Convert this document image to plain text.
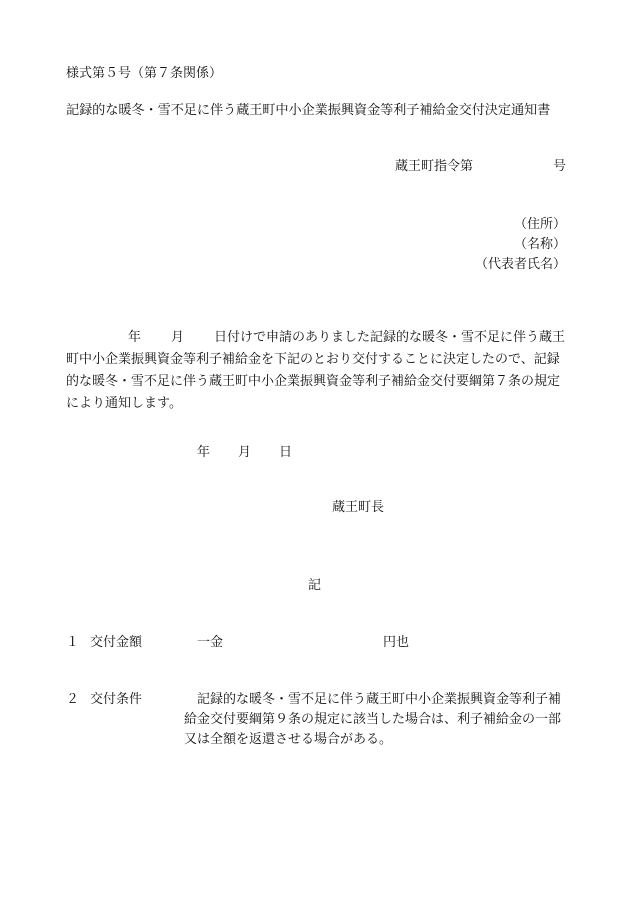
様式第５号（第７条関係）
記録的な暖冬・雪不足に伴う蔵王町中小企業振興資金等利子補給金交付決定通知書
蔵王町指令第	号
（住所）
（名称）
（代表者氏名）
年 月 日付けで申請のありました記録的な暖冬・雪不足に伴う蔵王
町中小企業振興資金等利子補給金を下記のとおり交付することに決定したので、記録
的な暖冬・雪不足に伴う蔵王町中小企業振興資金等利子補給金交付要綱第７条の規定
により通知します。
年 月 日
蔵王町長
記
１ 交付金額	一金	円也
２ 交付条件	記録的な暖冬・雪不足に伴う蔵王町中小企業振興資金等利子補
給金交付要綱第９条の規定に該当した場合は、利子補給金の一部
又は全額を返還させる場合がある。
